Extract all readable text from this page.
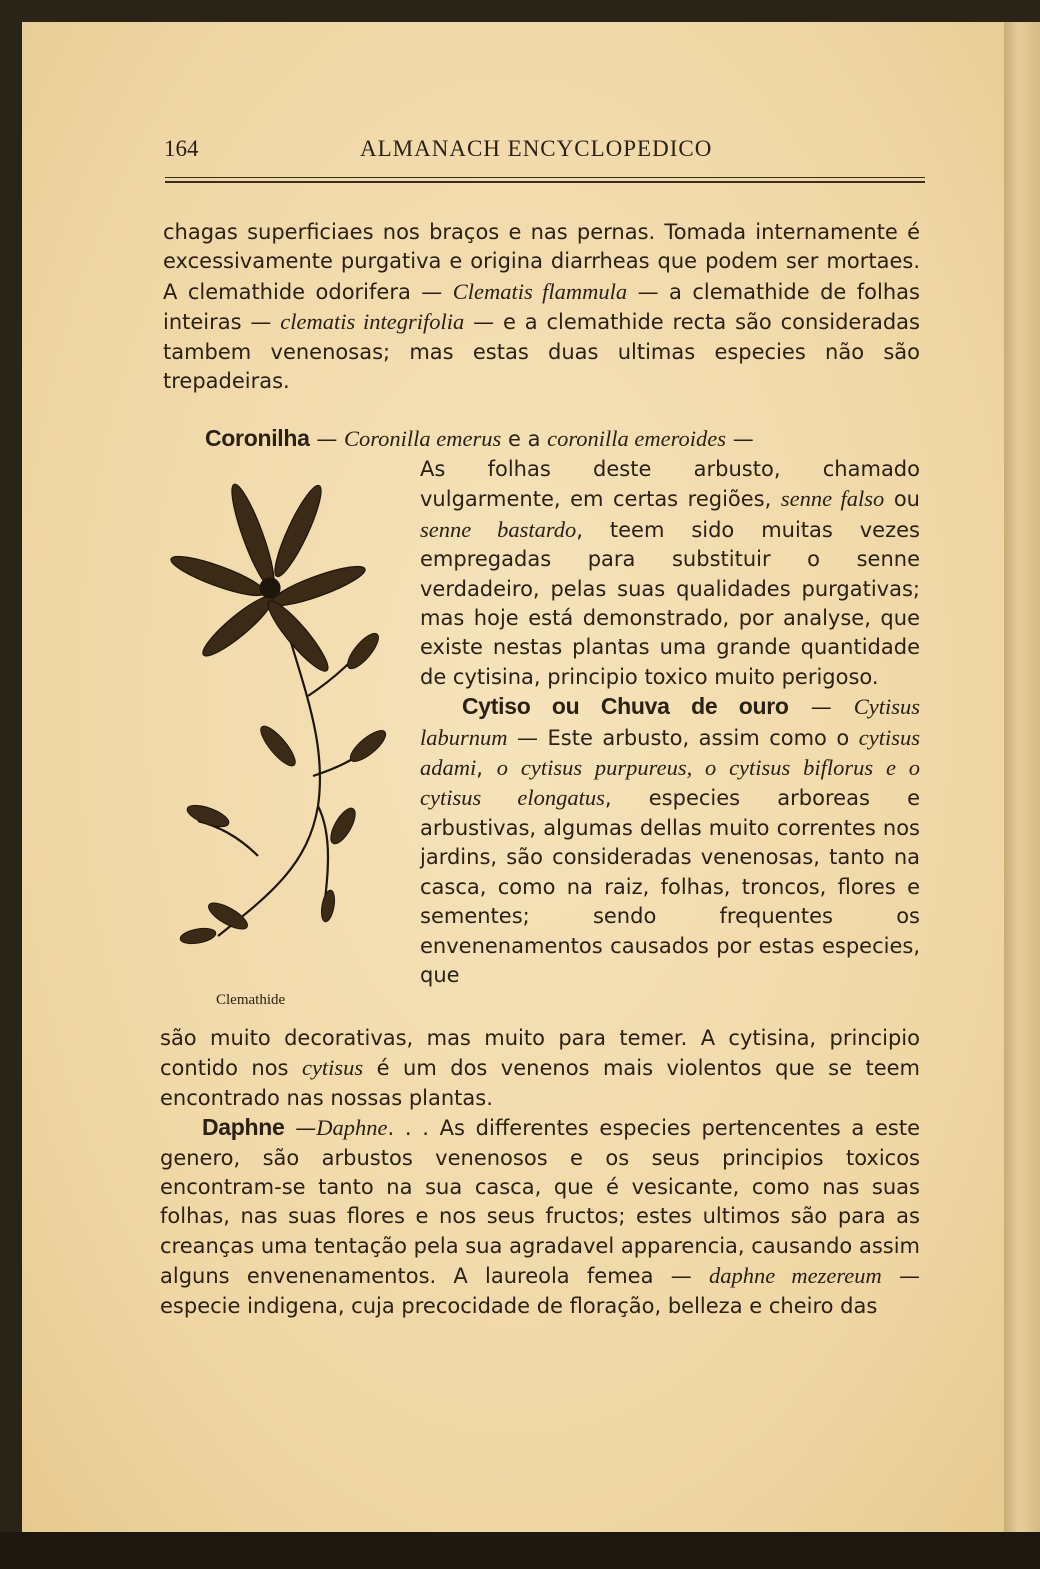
164	ALMANACH ENCYCLOPEDICO

chagas superficiaes nos braços e nas pernas. Tomada internamente é excessivamente purgativa e origina diarrheas que podem ser mortaes. A clemathide odorifera — Clematis flammula — a clemathide de folhas inteiras — clematis integrifolia — e a clemathide recta são consideradas tambem venenosas; mas estas duas ultimas especies não são trepadeiras.

Coronilha — Coronilla emerus e a coronilla emeroides —

As folhas deste arbusto, chamado vulgarmente, em certas regiões, senne falso ou senne bastardo, teem sido muitas vezes empregadas para substituir o senne verdadeiro, pelas suas qualidades purgativas; mas hoje está demonstrado, por analyse, que existe nestas plantas uma grande quantidade de cytisina, principio toxico muito perigoso.

Cytiso ou Chuva de ouro — Cytisus laburnum — Este arbusto, assim como o cytisus adami, o cytisus purpureus, o cytisus biflorus e o cytisus elongatus, especies arboreas e arbustivas, algumas dellas muito correntes nos jardins, são consideradas venenosas, tanto na casca, como na raiz, folhas, troncos, flores e sementes; sendo frequentes os envenenamentos causados por estas especies, que

Clemathide

são muito decorativas, mas muito para temer. A cytisina, principio contido nos cytisus é um dos venenos mais violentos que se teem encontrado nas nossas plantas.

Daphne —Daphne. . . As differentes especies pertencentes a este genero, são arbustos venenosos e os seus principios toxicos encontram-se tanto na sua casca, que é vesicante, como nas suas folhas, nas suas flores e nos seus fructos; estes ultimos são para as creanças uma tentação pela sua agradavel apparencia, causando assim alguns envenenamentos. A laureola femea — daphne mezereum — especie indigena, cuja precocidade de floração, belleza e cheiro das
